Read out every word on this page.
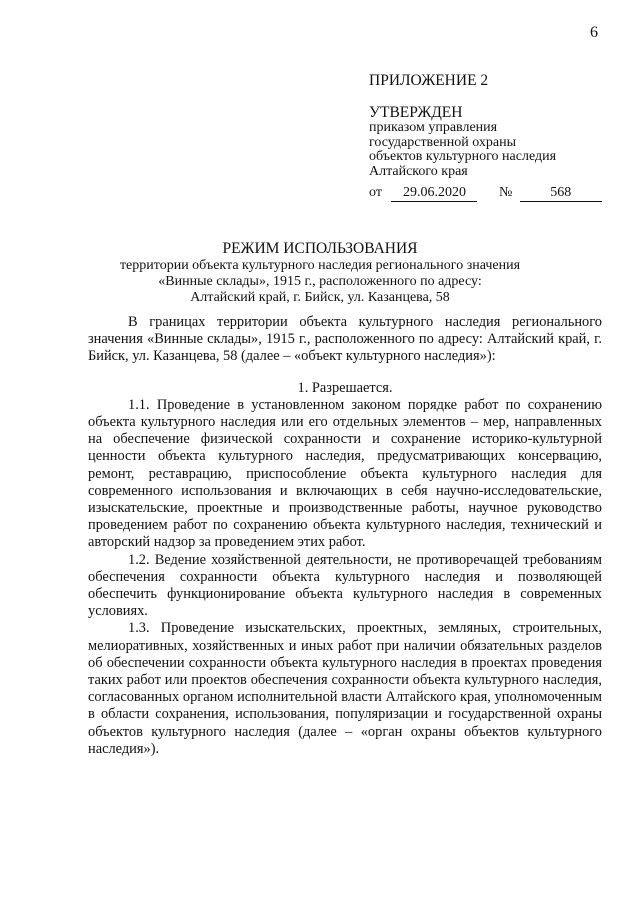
6
ПРИЛОЖЕНИЕ 2
УТВЕРЖДЕН
приказом управления
государственной охраны
объектов культурного наследия
Алтайского края
от 29.06.2020 №	568
РЕЖИМ ИСПОЛЬЗОВАНИЯ
территории объекта культурного наследия регионального значения
«Винные склады», 1915 г., расположенного по адресу:
Алтайский край, г. Бийск, ул. Казанцева, 58

В границах территории объекта культурного наследия регионального значения «Винные склады», 1915 г., расположенного по адресу: Алтайский край, г. Бийск, ул. Казанцева, 58 (далее – «объект культурного наследия»):

1. Разрешается.

1.1. Проведение в установленном законом порядке работ по сохранению объекта культурного наследия или его отдельных элементов – мер, направленных на обеспечение физической сохранности и сохранение историко-культурной ценности объекта культурного наследия, предусматривающих консервацию, ремонт, реставрацию, приспособление объекта культурного наследия для современного использования и включающих в себя научно-исследовательские, изыскательские, проектные и производственные работы, научное руководство проведением работ по сохранению объекта культурного наследия, технический и авторский надзор за проведением этих работ.

1.2. Ведение хозяйственной деятельности, не противоречащей требованиям обеспечения сохранности объекта культурного наследия и позволяющей обеспечить функционирование объекта культурного наследия в современных условиях.

1.3. Проведение изыскательских, проектных, земляных, строительных, мелиоративных, хозяйственных и иных работ при наличии обязательных разделов об обеспечении сохранности объекта культурного наследия в проектах проведения таких работ или проектов обеспечения сохранности объекта культурного наследия, согласованных органом исполнительной власти Алтайского края, уполномоченным в области сохранения, использования, популяризации и государственной охраны объектов культурного наследия (далее – «орган охраны объектов культурного наследия»).
